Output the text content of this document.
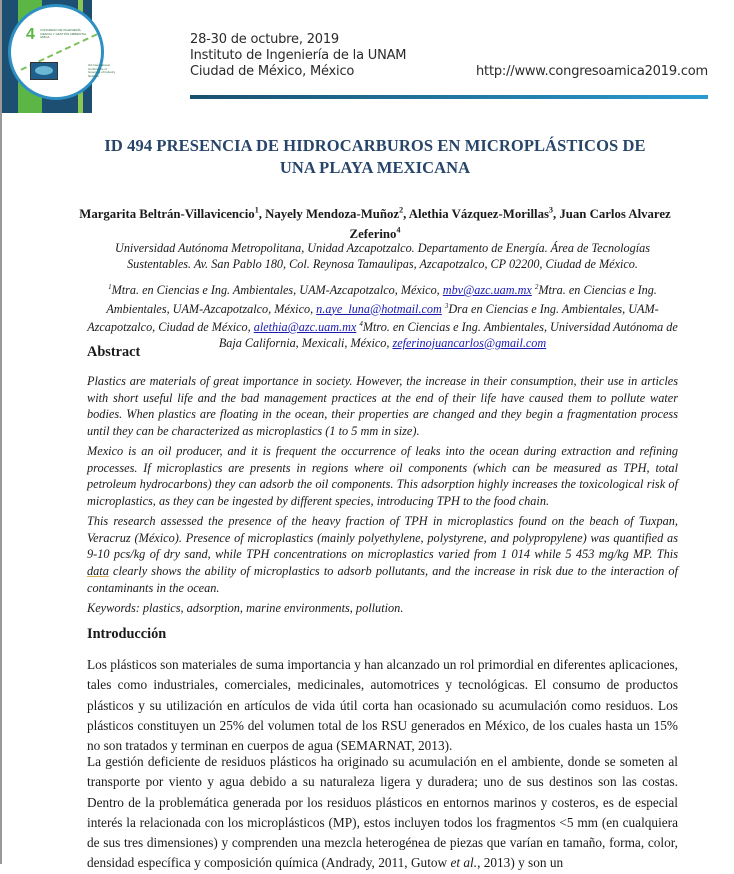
4 CONGRESO DE INGENIERÍA, CIENCIA Y GESTIÓN AMBIENTAL AMICA
3rd International Conference of Greening of Industry Network
28-30 de octubre, 2019
Instituto de Ingeniería de la UNAM
Ciudad de México, México	http://www.congresoamica2019.com
ID 494 PRESENCIA DE HIDROCARBUROS EN MICROPLÁSTICOS DE
UNA PLAYA MEXICANA
Margarita Beltrán-Villavicencio$^1$, Nayely Mendoza-Muñoz$^2$, Alethia Vázquez-Morillas$^3$, Juan Carlos Alvarez Zeferino$^4$
Universidad Autónoma Metropolitana, Unidad Azcapotzalco. Departamento de Energía. Área de Tecnologías Sustentables. Av. San Pablo 180, Col. Reynosa Tamaulipas, Azcapotzalco, CP 02200, Ciudad de México.
$^1$Mtra. en Ciencias e Ing. Ambientales, UAM-Azcapotzalco, México, mbv@azc.uam.mx $^2$Mtra. en Ciencias e Ing. Ambientales, UAM-Azcapotzalco, México, n.aye_luna@hotmail.com $^3$Dra en Ciencias e Ing. Ambientales, UAM-Azcapotzalco, Ciudad de México, alethia@azc.uam.mx $^4$Mtro. en Ciencias e Ing. Ambientales, Universidad Autónoma de Baja California, Mexicali, México, zeferinojuancarlos@gmail.com
Abstract
Plastics are materials of great importance in society. However, the increase in their consumption, their use in articles with short useful life and the bad management practices at the end of their life have caused them to pollute water bodies. When plastics are floating in the ocean, their properties are changed and they begin a fragmentation process until they can be characterized as microplastics (1 to 5 mm in size).
Mexico is an oil producer, and it is frequent the occurrence of leaks into the ocean during extraction and refining processes. If microplastics are presents in regions where oil components (which can be measured as TPH, total petroleum hydrocarbons) they can adsorb the oil components. This adsorption highly increases the toxicological risk of microplastics, as they can be ingested by different species, introducing TPH to the food chain.
This research assessed the presence of the heavy fraction of TPH in microplastics found on the beach of Tuxpan, Veracruz (México). Presence of microplastics (mainly polyethylene, polystyrene, and polypropylene) was quantified as 9-10 pcs/kg of dry sand, while TPH concentrations on microplastics varied from 1 014 while 5 453 mg/kg MP. This data clearly shows the ability of microplastics to adsorb pollutants, and the increase in risk due to the interaction of contaminants in the ocean.
Keywords: plastics, adsorption, marine environments, pollution.
Introducción
Los plásticos son materiales de suma importancia y han alcanzado un rol primordial en diferentes aplicaciones, tales como industriales, comerciales, medicinales, automotrices y tecnológicas. El consumo de productos plásticos y su utilización en artículos de vida útil corta han ocasionado su acumulación como residuos. Los plásticos constituyen un 25% del volumen total de los RSU generados en México, de los cuales hasta un 15% no son tratados y terminan en cuerpos de agua (SEMARNAT, 2013).
La gestión deficiente de residuos plásticos ha originado su acumulación en el ambiente, donde se someten al transporte por viento y agua debido a su naturaleza ligera y duradera; uno de sus destinos son las costas. Dentro de la problemática generada por los residuos plásticos en entornos marinos y costeros, es de especial interés la relacionada con los microplásticos (MP), estos incluyen todos los fragmentos <5 mm (en cualquiera de sus tres dimensiones) y comprenden una mezcla heterogénea de piezas que varían en tamaño, forma, color, densidad específica y composición química (Andrady, 2011, Gutow et al., 2013) y son un
